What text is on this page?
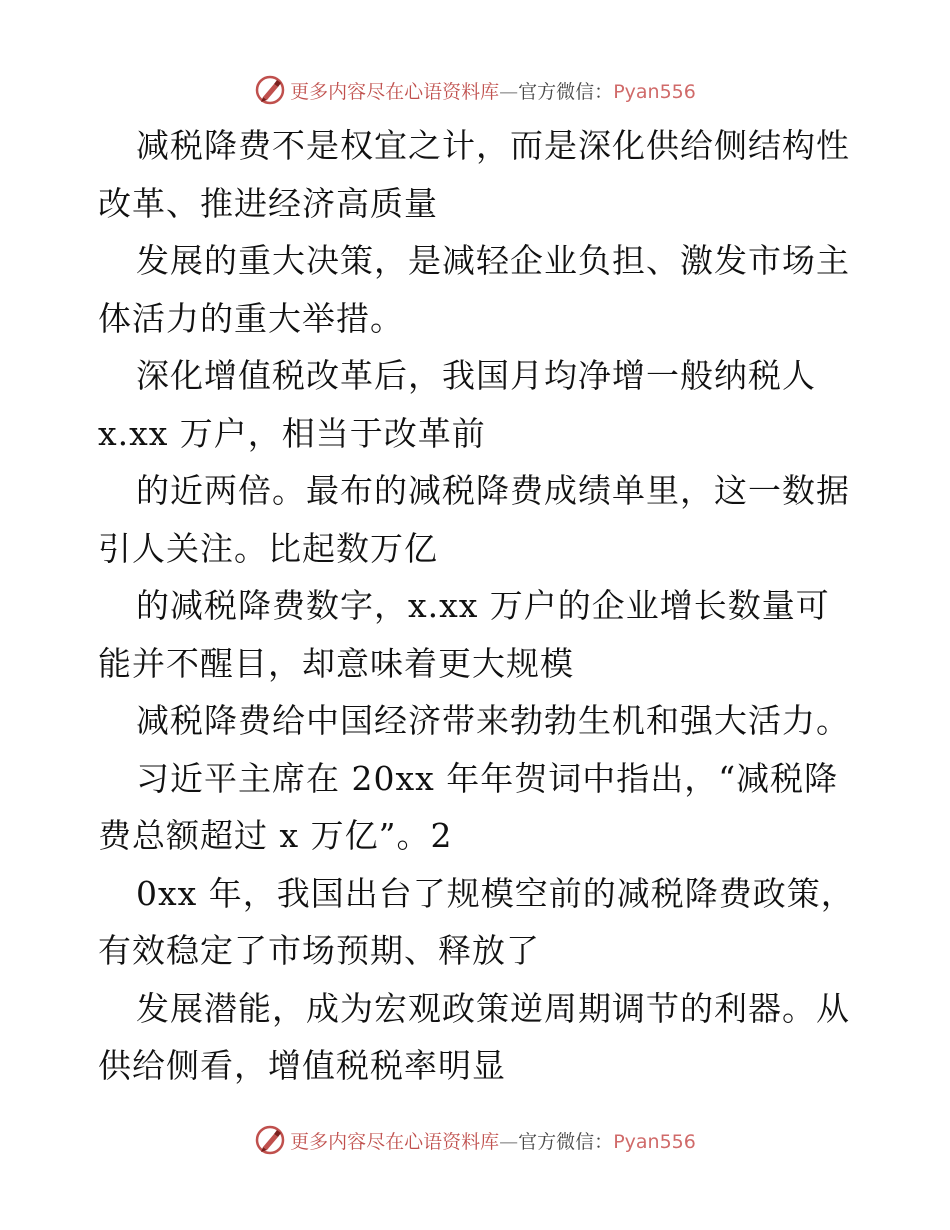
更多内容尽在心语资料库—官方微信：Pyan556
减税降费不是权宜之计，而是深化供给侧结构性
改革、推进经济高质量
发展的重大决策，是减轻企业负担、激发市场主
体活力的重大举措。
深化增值税改革后，我国月均净增一般纳税人
x.xx 万户，相当于改革前
的近两倍。最布的减税降费成绩单里，这一数据
引人关注。比起数万亿
的减税降费数字，x.xx 万户的企业增长数量可
能并不醒目，却意味着更大规模
减税降费给中国经济带来勃勃生机和强大活力。
习近平主席在 20xx 年年贺词中指出，“减税降
费总额超过 x 万亿”。2
0xx 年，我国出台了规模空前的减税降费政策，
有效稳定了市场预期、释放了
发展潜能，成为宏观政策逆周期调节的利器。从
供给侧看，增值税税率明显
更多内容尽在心语资料库—官方微信：Pyan556
